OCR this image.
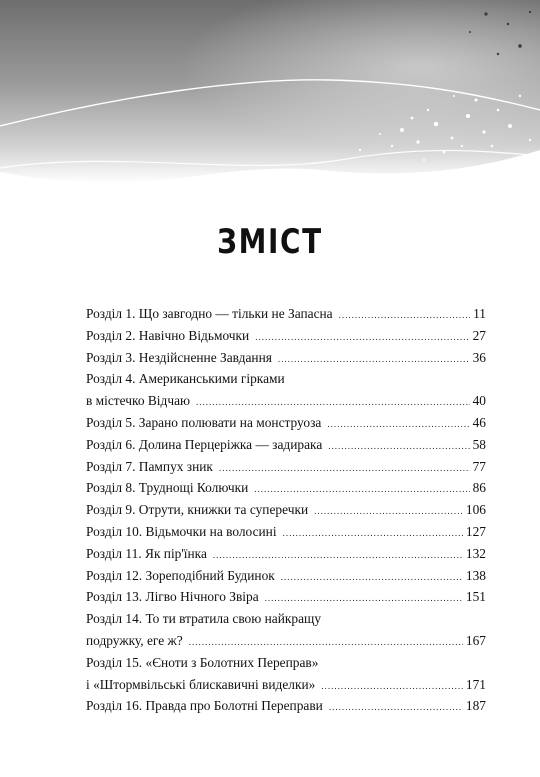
ЗМІСТ
Розділ 1. Що завгодно — тільки не Запасна .....	11
Розділ 2. Навічно Відьмочки .....	27
Розділ 3. Нездійсненне Завдання .....	36
Розділ 4. Американськими гірками
в містечко Відчаю .....	40
Розділ 5. Зарано полювати на монструоза .....	46
Розділ 6. Долина Перцеріжка — задирака .....	58
Розділ 7. Пампух зник .....	77
Розділ 8. Труднощі Колючки .....	86
Розділ 9. Отрути, книжки та суперечки .....	106
Розділ 10. Відьмочки на волосині .....	127
Розділ 11. Як пір'їнка .....	132
Розділ 12. Зореподібний Будинок .....	138
Розділ 13. Лігво Нічного Звіра .....	151
Розділ 14. То ти втратила свою найкращу
подружку, еге ж? .....	167
Розділ 15. «Єноти з Болотних Переправ»
і «Штормвільські блискавичні виделки» .....	171
Розділ 16. Правда про Болотні Переправи .....	187
